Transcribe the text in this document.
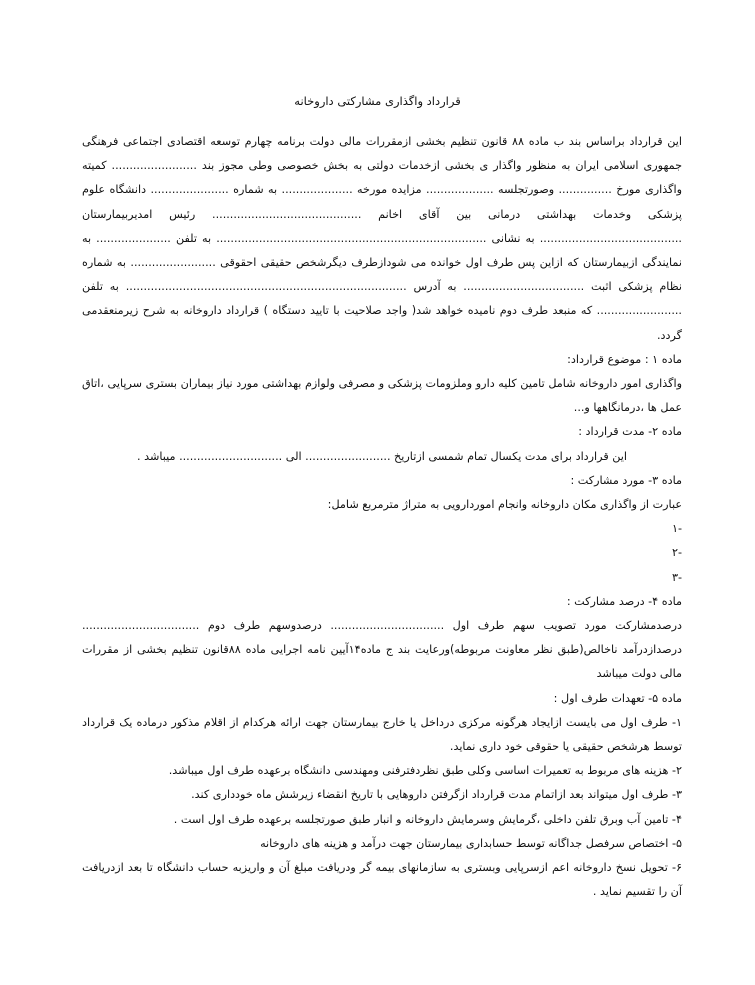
قرارداد واگذاری مشارکتی داروخانه

این قرارداد براساس بند ب ماده ۸۸ قانون تنظیم بخشی ازمقررات مالی دولت برنامه چهارم توسعه اقتصادی اجتماعی فرهنگی جمهوری اسلامی ایران به منظور واگذار ی بخشی ازخدمات دولتی به بخش خصوصی وطی مجوز بند ........................ کمیته واگذاری مورخ ............... وصورتجلسه ................... مزایده مورخه .................... به شماره ...................... دانشگاه علوم پزشکی وخدمات بهداشتی درمانی بین آقای اخانم .......................................... رئیس امدیربیمارستان ........................................ به نشانی ............................................................................ به تلفن ..................... به نمایندگی ازبیمارستان که ازاین پس طرف اول خوانده می شودازطرف دیگرشخص حقیقی احقوقی ........................ به شماره نظام پزشکی اثبت .................................. به آدرس ............................................................................... به تلفن ........................ که منبعد طرف دوم نامیده خواهد شد( واجد صلاحیت با تایید دستگاه ) قرارداد داروخانه به شرح زیرمنعقدمی گردد.

ماده ۱ : موضوع قرارداد:

واگذاری امور داروخانه شامل تامین کلیه دارو وملزومات پزشکی و مصرفی ولوازم بهداشتی مورد نیاز بیماران بستری سرپایی ،اتاق عمل ها ،درمانگاهها و...

ماده ۲- مدت قرارداد :

این قرارداد برای مدت یکسال تمام شمسی ازتاریخ ........................ الی ............................. میباشد .

ماده ۳- مورد مشارکت :

عبارت از واگذاری مکان داروخانه وانجام اموردارویی به متراژ مترمربع شامل:

-۱

-۲

-۳

ماده ۴- درصد مشارکت :

درصدمشارکت مورد تصویب سهم طرف اول ................................ درصدوسهم طرف دوم ................................. درصدازدرآمد ناخالص(طبق نظر معاونت مربوطه)ورعایت بند ج ماده۱۴آیین نامه اجرایی ماده ۸۸قانون تنظیم بخشی از مقررات مالی دولت میباشد

ماده ۵- تعهدات طرف اول :

۱- طرف اول می بایست ازایجاد هرگونه مرکزی درداخل یا خارج بیمارستان جهت ارائه هرکدام از اقلام مذکور درماده یک قرارداد توسط هرشخص حقیقی یا حقوقی خود داری نماید.

۲- هزینه های مربوط به تعمیرات اساسی وکلی طبق نظردفترفنی ومهندسی دانشگاه برعهده طرف اول میباشد.

۳- طرف اول میتواند بعد ازاتمام مدت قرارداد ازگرفتن داروهایی با تاریخ انقضاء زیرشش ماه خودداری کند.

۴- تامین آب وبرق تلفن داخلی ،گرمایش وسرمایش داروخانه و انبار طبق صورتجلسه برعهده طرف اول است .

۵- اختصاص سرفصل جداگانه توسط حسابداری بیمارستان جهت درآمد و هزینه های داروخانه

۶- تحویل نسخ داروخانه اعم ازسرپایی وبستری به سازمانهای بیمه گر ودریافت مبلغ آن و واریزبه حساب دانشگاه تا بعد ازدریافت آن را تقسیم نماید .
